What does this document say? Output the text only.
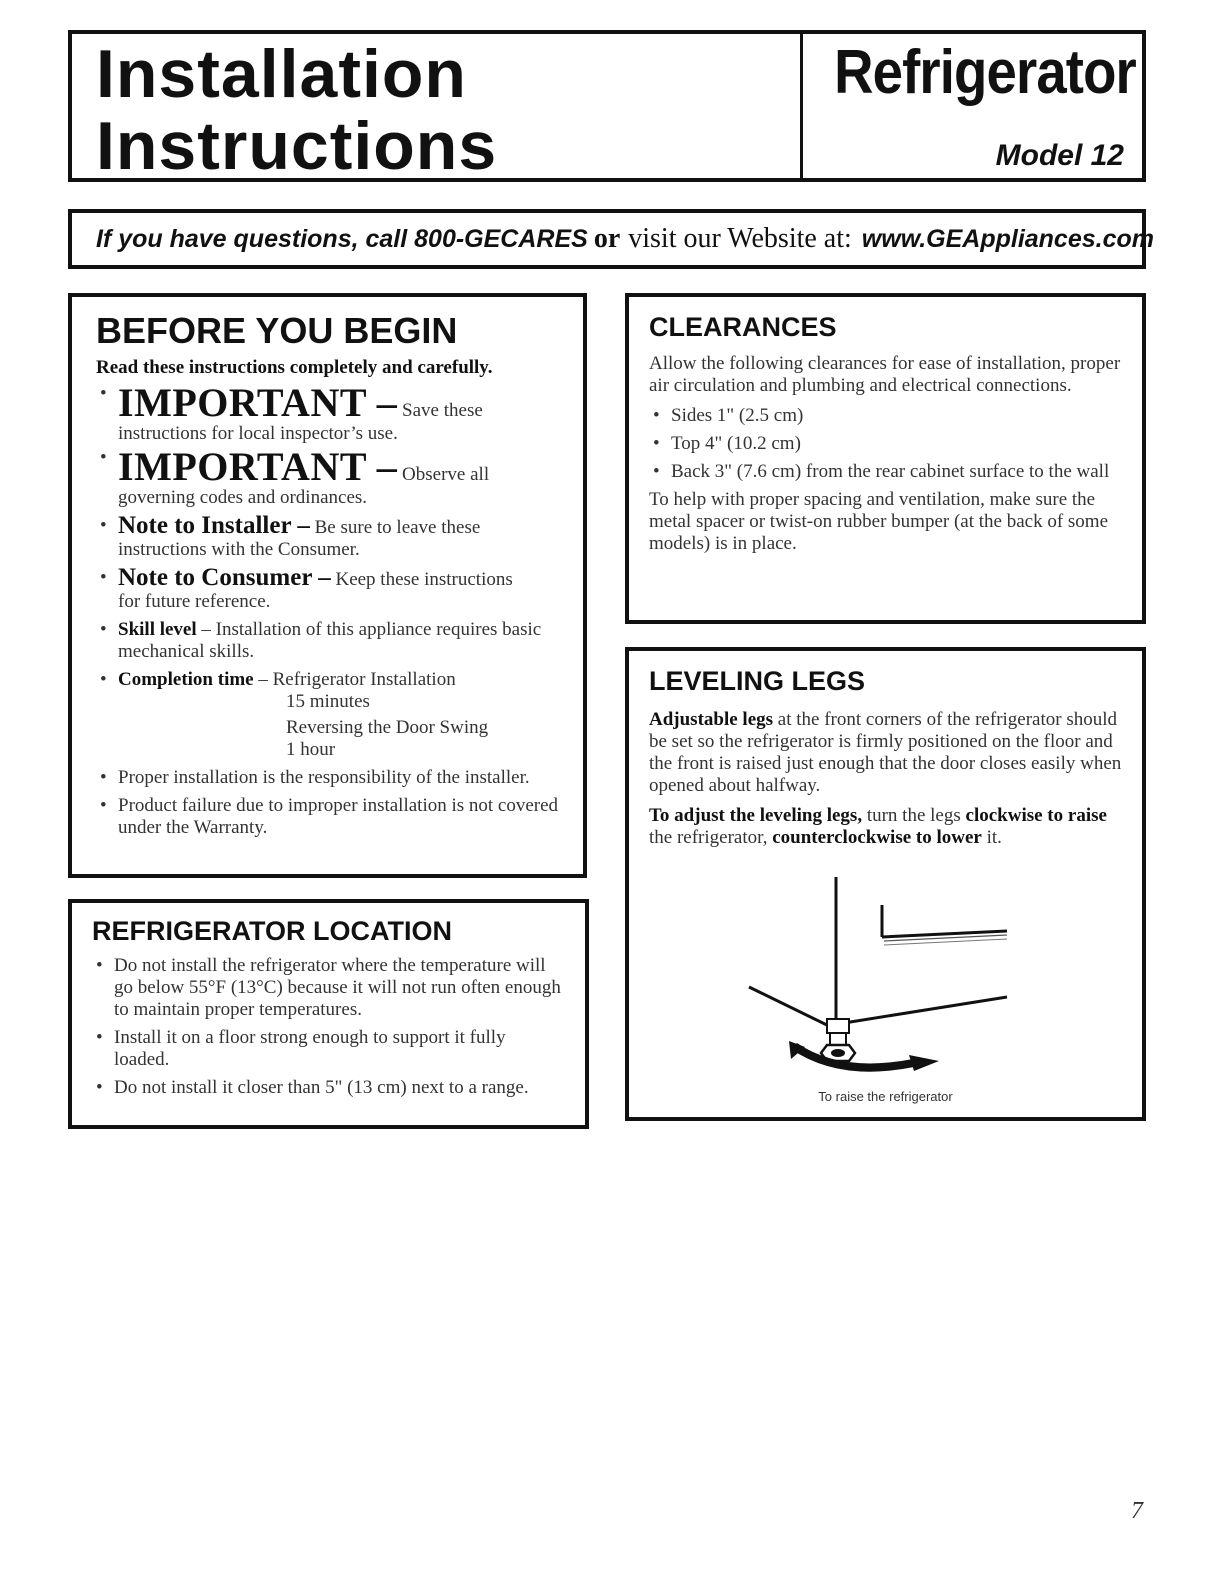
Installation
Instructions
Refrigerator
Model 12
If you have questions, call 800-GECARES or visit our Website at: www.GEAppliances.com
BEFORE YOU BEGIN
Read these instructions completely and carefully.
• IMPORTANT – Save these
instructions for local inspector’s use.
• IMPORTANT – Observe all
governing codes and ordinances.
• Note to Installer – Be sure to leave these
instructions with the Consumer.
• Note to Consumer – Keep these instructions
for future reference.
• Skill level – Installation of this appliance requires basic mechanical skills.
• Completion time – Refrigerator Installation
15 minutes
Reversing the Door Swing
1 hour
• Proper installation is the responsibility of the installer.
• Product failure due to improper installation is not covered under the Warranty.
REFRIGERATOR LOCATION
• Do not install the refrigerator where the temperature will go below 55°F (13°C) because it will not run often enough to maintain proper temperatures.
• Install it on a floor strong enough to support it fully loaded.
• Do not install it closer than 5" (13 cm) next to a range.
CLEARANCES
Allow the following clearances for ease of installation, proper air circulation and plumbing and electrical connections.
• Sides 1" (2.5 cm)
• Top 4" (10.2 cm)
• Back 3" (7.6 cm) from the rear cabinet surface to the wall
To help with proper spacing and ventilation, make sure the metal spacer or twist-on rubber bumper (at the back of some models) is in place.
LEVELING LEGS
Adjustable legs at the front corners of the refrigerator should be set so the refrigerator is firmly positioned on the floor and the front is raised just enough that the door closes easily when opened about halfway.
To adjust the leveling legs, turn the legs clockwise to raise the refrigerator, counterclockwise to lower it.
To raise the refrigerator
7
